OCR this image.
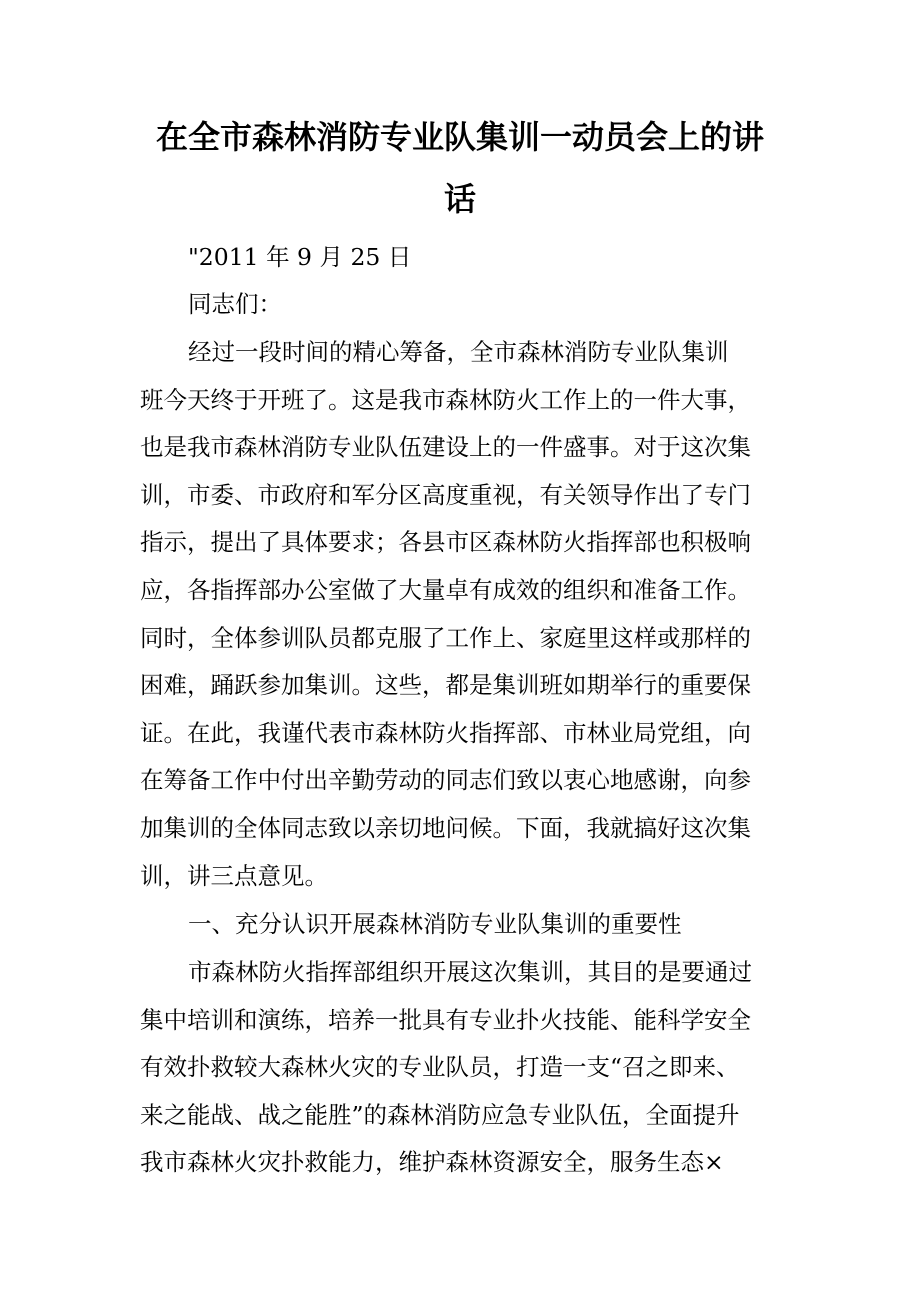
在全市森林消防专业队集训一动员会上的讲
话

"2011 年 9 月 25 日

同志们：

经过一段时间的精心筹备，全市森林消防专业队集训
班今天终于开班了。这是我市森林防火工作上的一件大事，
也是我市森林消防专业队伍建设上的一件盛事。对于这次集
训，市委、市政府和军分区高度重视，有关领导作出了专门
指示，提出了具体要求；各县市区森林防火指挥部也积极响
应，各指挥部办公室做了大量卓有成效的组织和准备工作。
同时，全体参训队员都克服了工作上、家庭里这样或那样的
困难，踊跃参加集训。这些，都是集训班如期举行的重要保
证。在此，我谨代表市森林防火指挥部、市林业局党组，向
在筹备工作中付出辛勤劳动的同志们致以衷心地感谢，向参
加集训的全体同志致以亲切地问候。下面，我就搞好这次集
训，讲三点意见。

一、充分认识开展森林消防专业队集训的重要性

市森林防火指挥部组织开展这次集训，其目的是要通过
集中培训和演练，培养一批具有专业扑火技能、能科学安全
有效扑救较大森林火灾的专业队员，打造一支“召之即来、
来之能战、战之能胜”的森林消防应急专业队伍，全面提升
我市森林火灾扑救能力，维护森林资源安全，服务生态×
